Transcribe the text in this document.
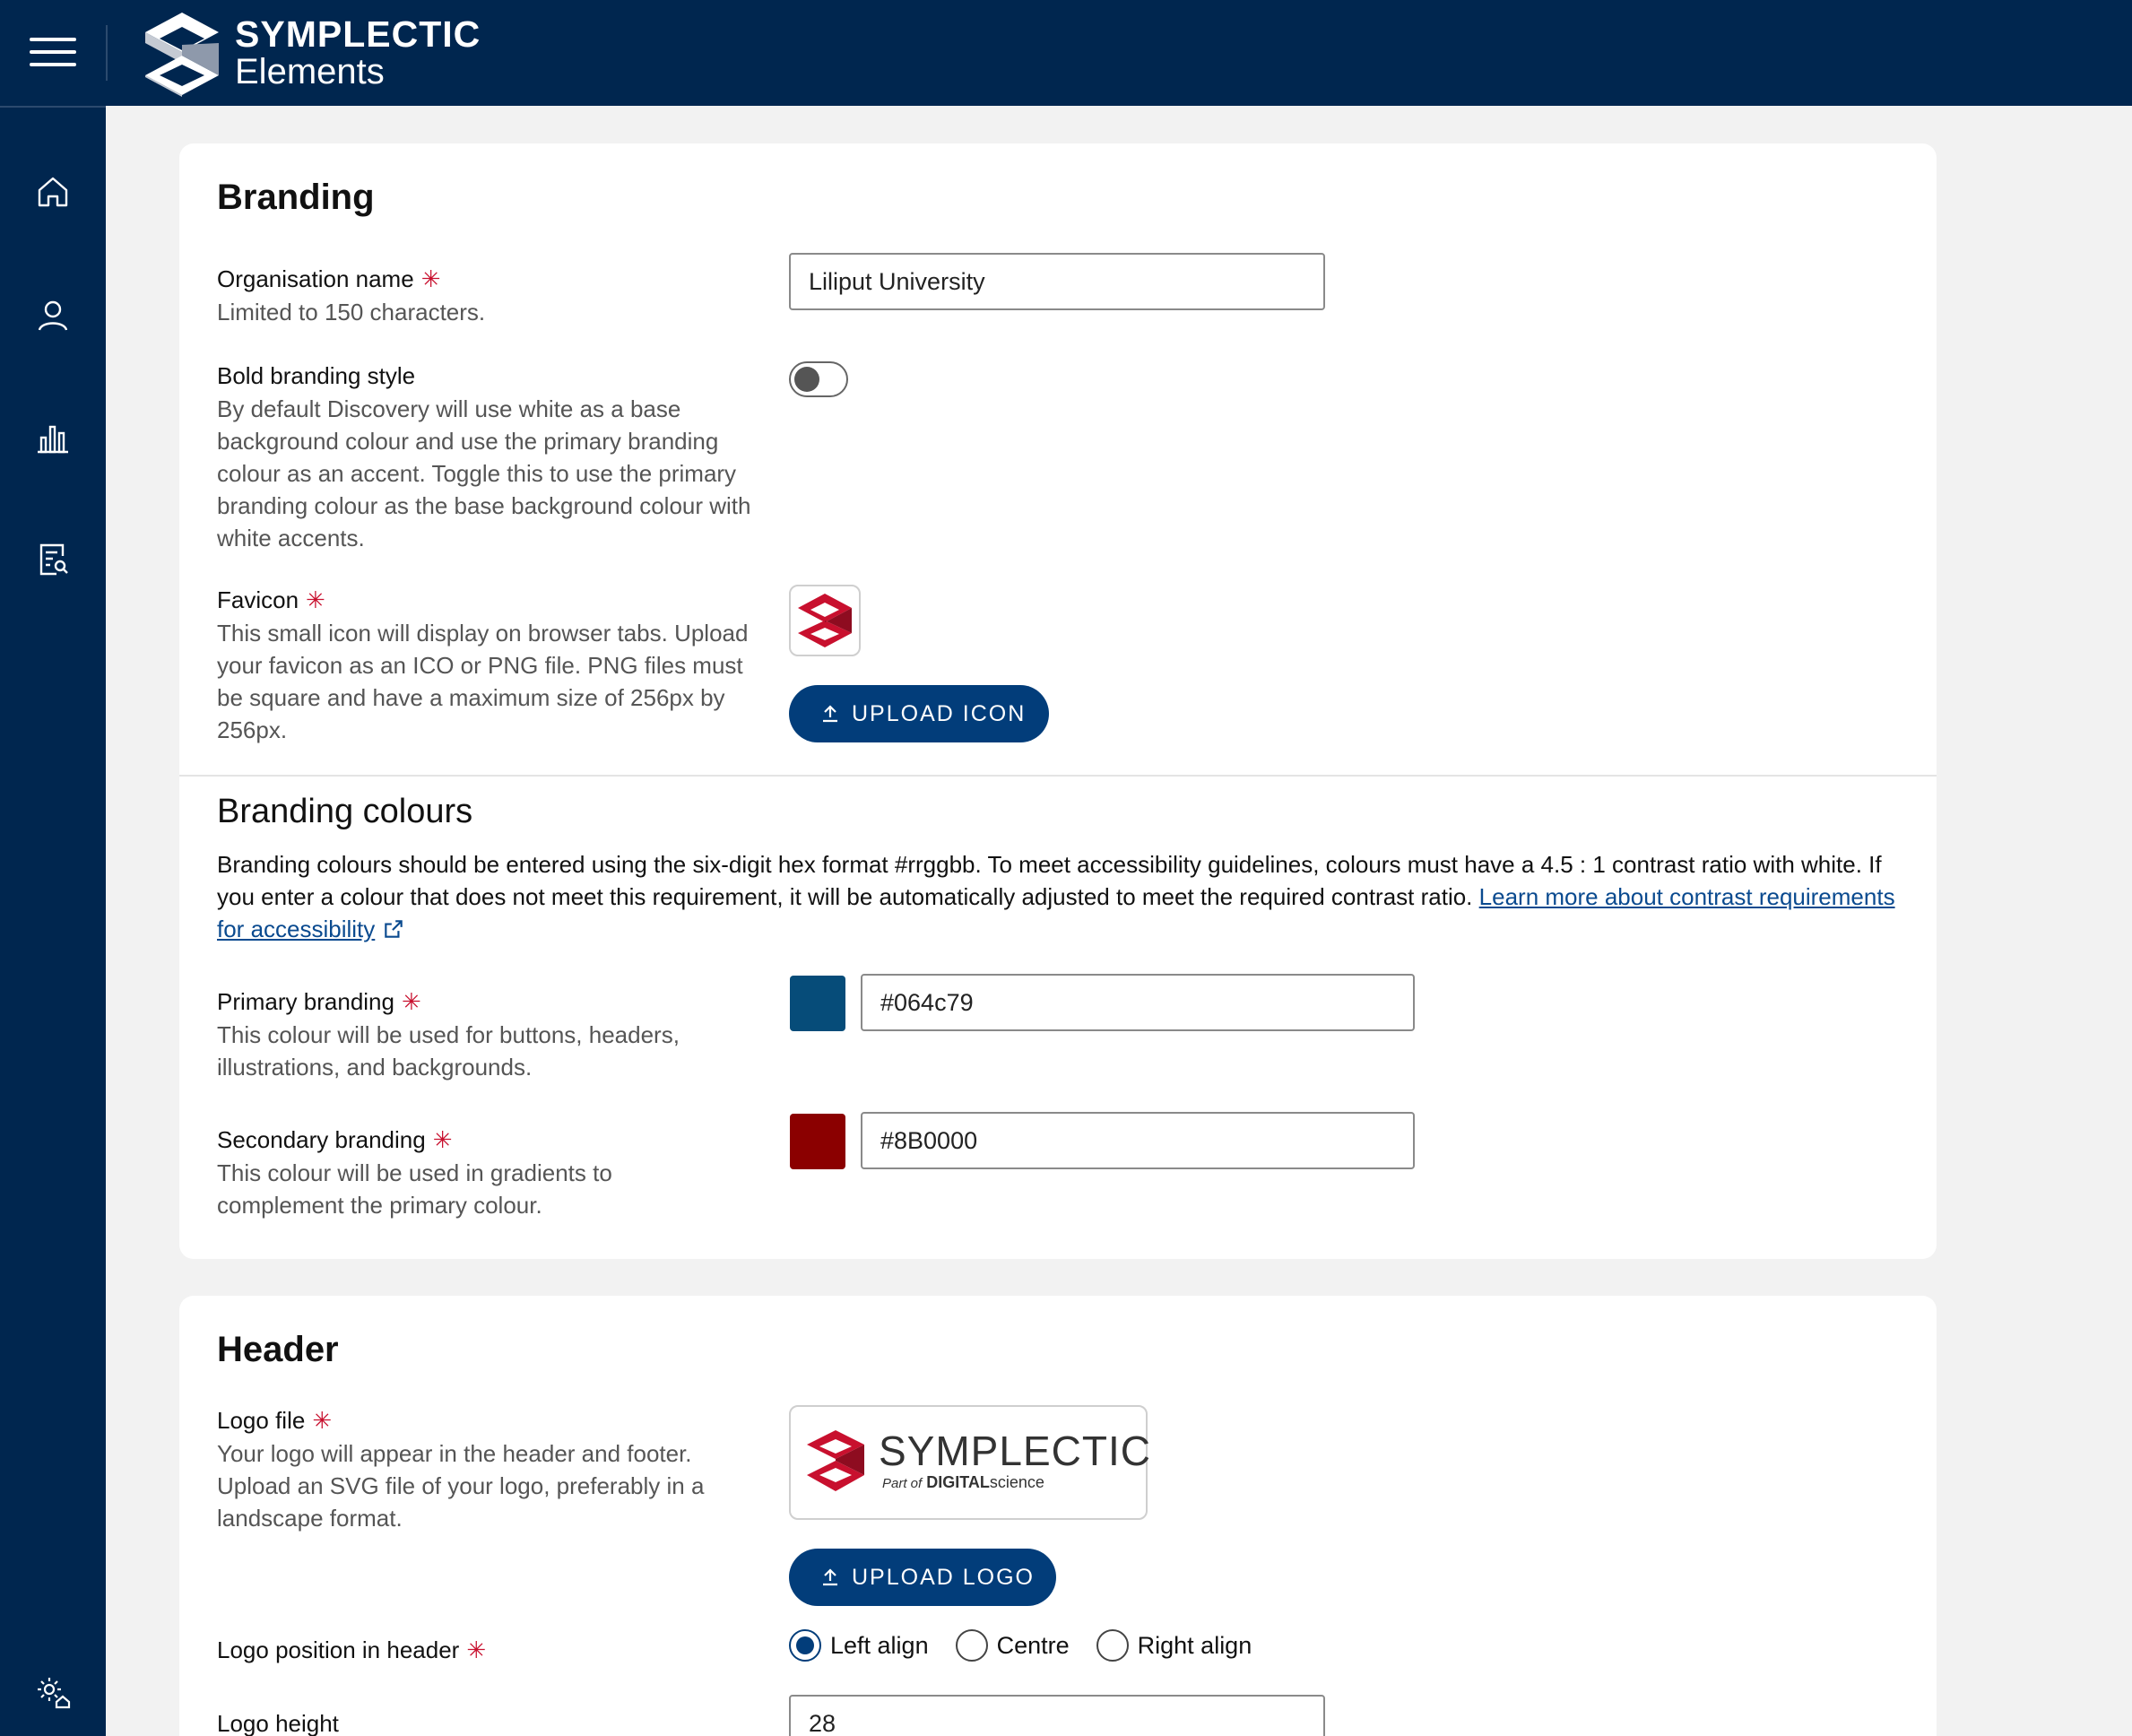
SYMPLECTIC
Elements
Branding
Organisation name ✳
Limited to 150 characters.
Liliput University
Bold branding style
By default Discovery will use white as a base background colour and use the primary branding colour as an accent. Toggle this to use the primary branding colour as the base background colour with white accents.
Favicon ✳
This small icon will display on browser tabs. Upload your favicon as an ICO or PNG file. PNG files must be square and have a maximum size of 256px by 256px.
UPLOAD ICON
Branding colours
Branding colours should be entered using the six-digit hex format #rrggbb. To meet accessibility guidelines, colours must have a 4.5 : 1 contrast ratio with white. If you enter a colour that does not meet this requirement, it will be automatically adjusted to meet the required contrast ratio. Learn more about contrast requirements for accessibility
Primary branding ✳
This colour will be used for buttons, headers, illustrations, and backgrounds.
#064c79
Secondary branding ✳
This colour will be used in gradients to complement the primary colour.
#8B0000
Header
Logo file ✳
Your logo will appear in the header and footer. Upload an SVG file of your logo, preferably in a landscape format.
SYMPLECTIC
Part of DIGITALscience
UPLOAD LOGO
Logo position in header ✳	Left align	Centre	Right align
Logo height	28
